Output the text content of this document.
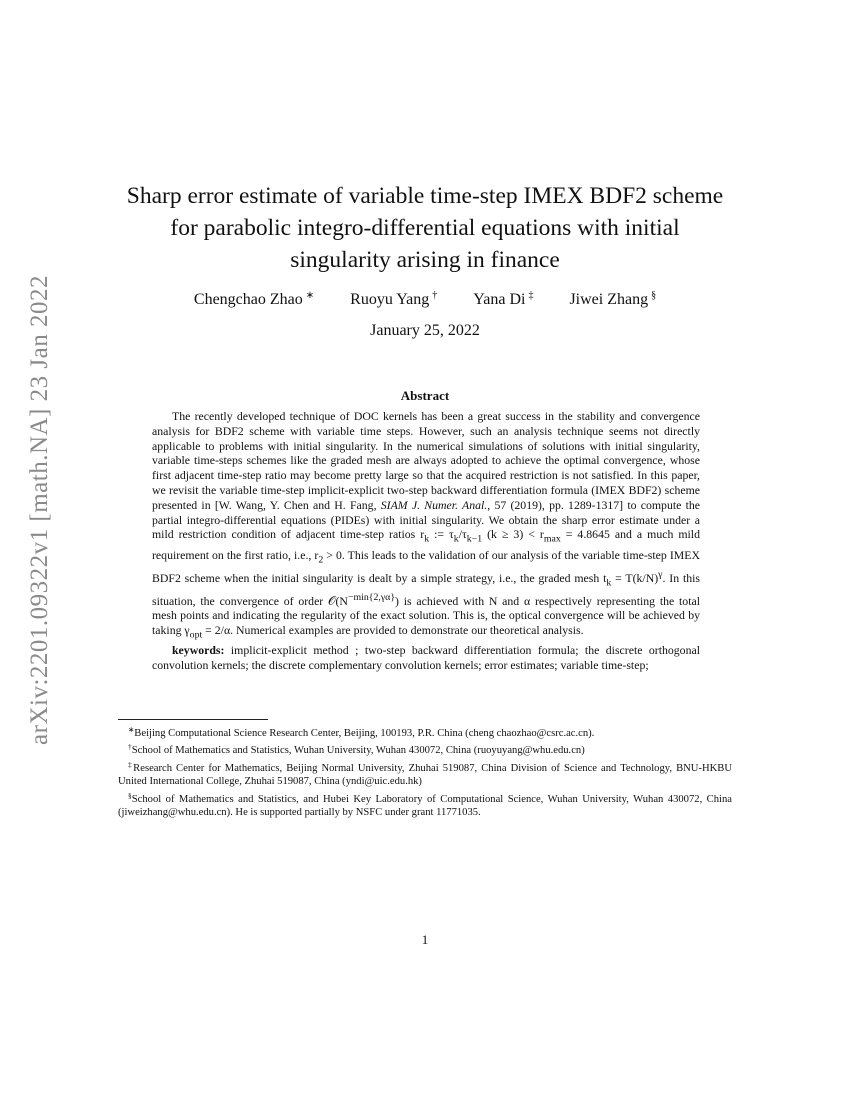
arXiv:2201.09322v1 [math.NA] 23 Jan 2022
Sharp error estimate of variable time-step IMEX BDF2 scheme
for parabolic integro-differential equations with initial
singularity arising in finance
Chengchao Zhao ∗ Ruoyu Yang † Yana Di ‡ Jiwei Zhang §
January 25, 2022
Abstract

The recently developed technique of DOC kernels has been a great success in the stability and convergence analysis for BDF2 scheme with variable time steps. However, such an analysis technique seems not directly applicable to problems with initial singularity. In the numerical simulations of solutions with initial singularity, variable time-steps schemes like the graded mesh are always adopted to achieve the optimal convergence, whose first adjacent time-step ratio may become pretty large so that the acquired restriction is not satisfied. In this paper, we revisit the variable time-step implicit-explicit two-step backward differentiation formula (IMEX BDF2) scheme presented in [W. Wang, Y. Chen and H. Fang, SIAM J. Numer. Anal., 57 (2019), pp. 1289-1317] to compute the partial integro-differential equations (PIDEs) with initial singularity. We obtain the sharp error estimate under a mild restriction condition of adjacent time-step ratios $r_k$ := $\tau_k/\tau_{k-1}$ $(k \ge 3) < r_{max} = 4.8645$ and a much mild requirement on the first ratio, i.e., $r_2 > 0$. This leads to the validation of our analysis of the variable time-step IMEX BDF2 scheme when the initial singularity is dealt by a simple strategy, i.e., the graded mesh $t_k = T(k/N)^\gamma$. In this situation, the convergence of order $𝒪(N^{-min\{2,\gamma\alpha\}})$ is achieved with N and α respectively representing the total mesh points and indicating the regularity of the exact solution. This is, the optical convergence will be achieved by taking $\gamma_{opt} = 2/\alpha$. Numerical examples are provided to demonstrate our theoretical analysis.

keywords: implicit-explicit method ; two-step backward differentiation formula; the discrete orthogonal convolution kernels; the discrete complementary convolution kernels; error estimates; variable time-step;

∗Beijing Computational Science Research Center, Beijing, 100193, P.R. China (cheng chaozhao@csrc.ac.cn).

†School of Mathematics and Statistics, Wuhan University, Wuhan 430072, China (ruoyuyang@whu.edu.cn)

‡Research Center for Mathematics, Beijing Normal University, Zhuhai 519087, China Division of Science and Technology, BNU-HKBU United International College, Zhuhai 519087, China (yndi@uic.edu.hk)

§School of Mathematics and Statistics, and Hubei Key Laboratory of Computational Science, Wuhan University, Wuhan 430072, China (jiweizhang@whu.edu.cn). He is supported partially by NSFC under grant 11771035.

1
